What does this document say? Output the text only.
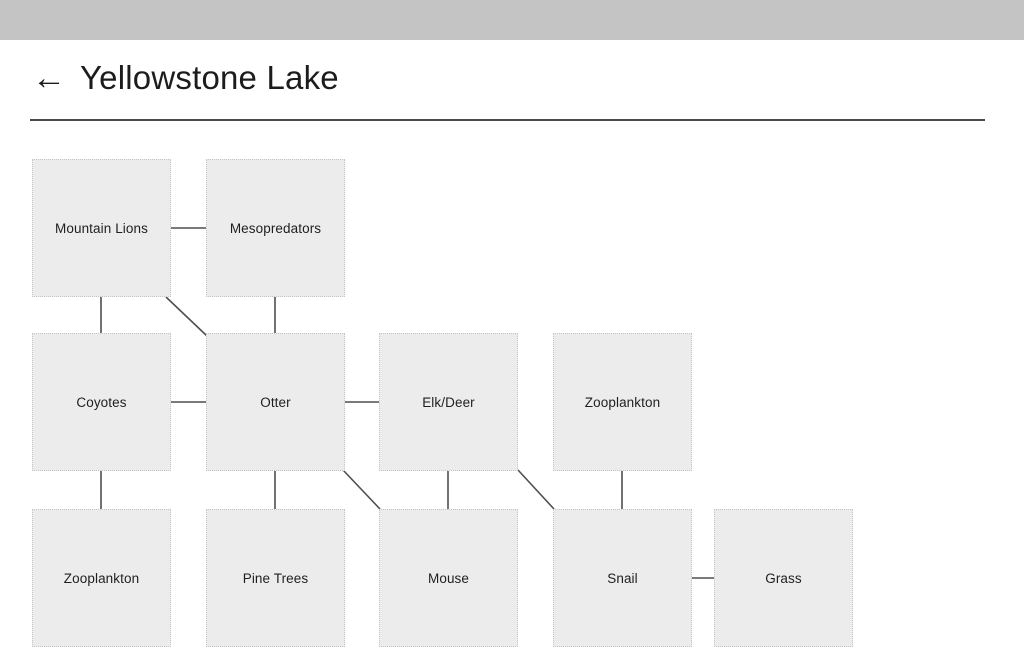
← Yellowstone Lake
Mountain Lions	Mesopredators
Coyotes	Otter	Elk/Deer	Zooplankton
Zooplankton	Pine Trees	Mouse	Snail	Grass
